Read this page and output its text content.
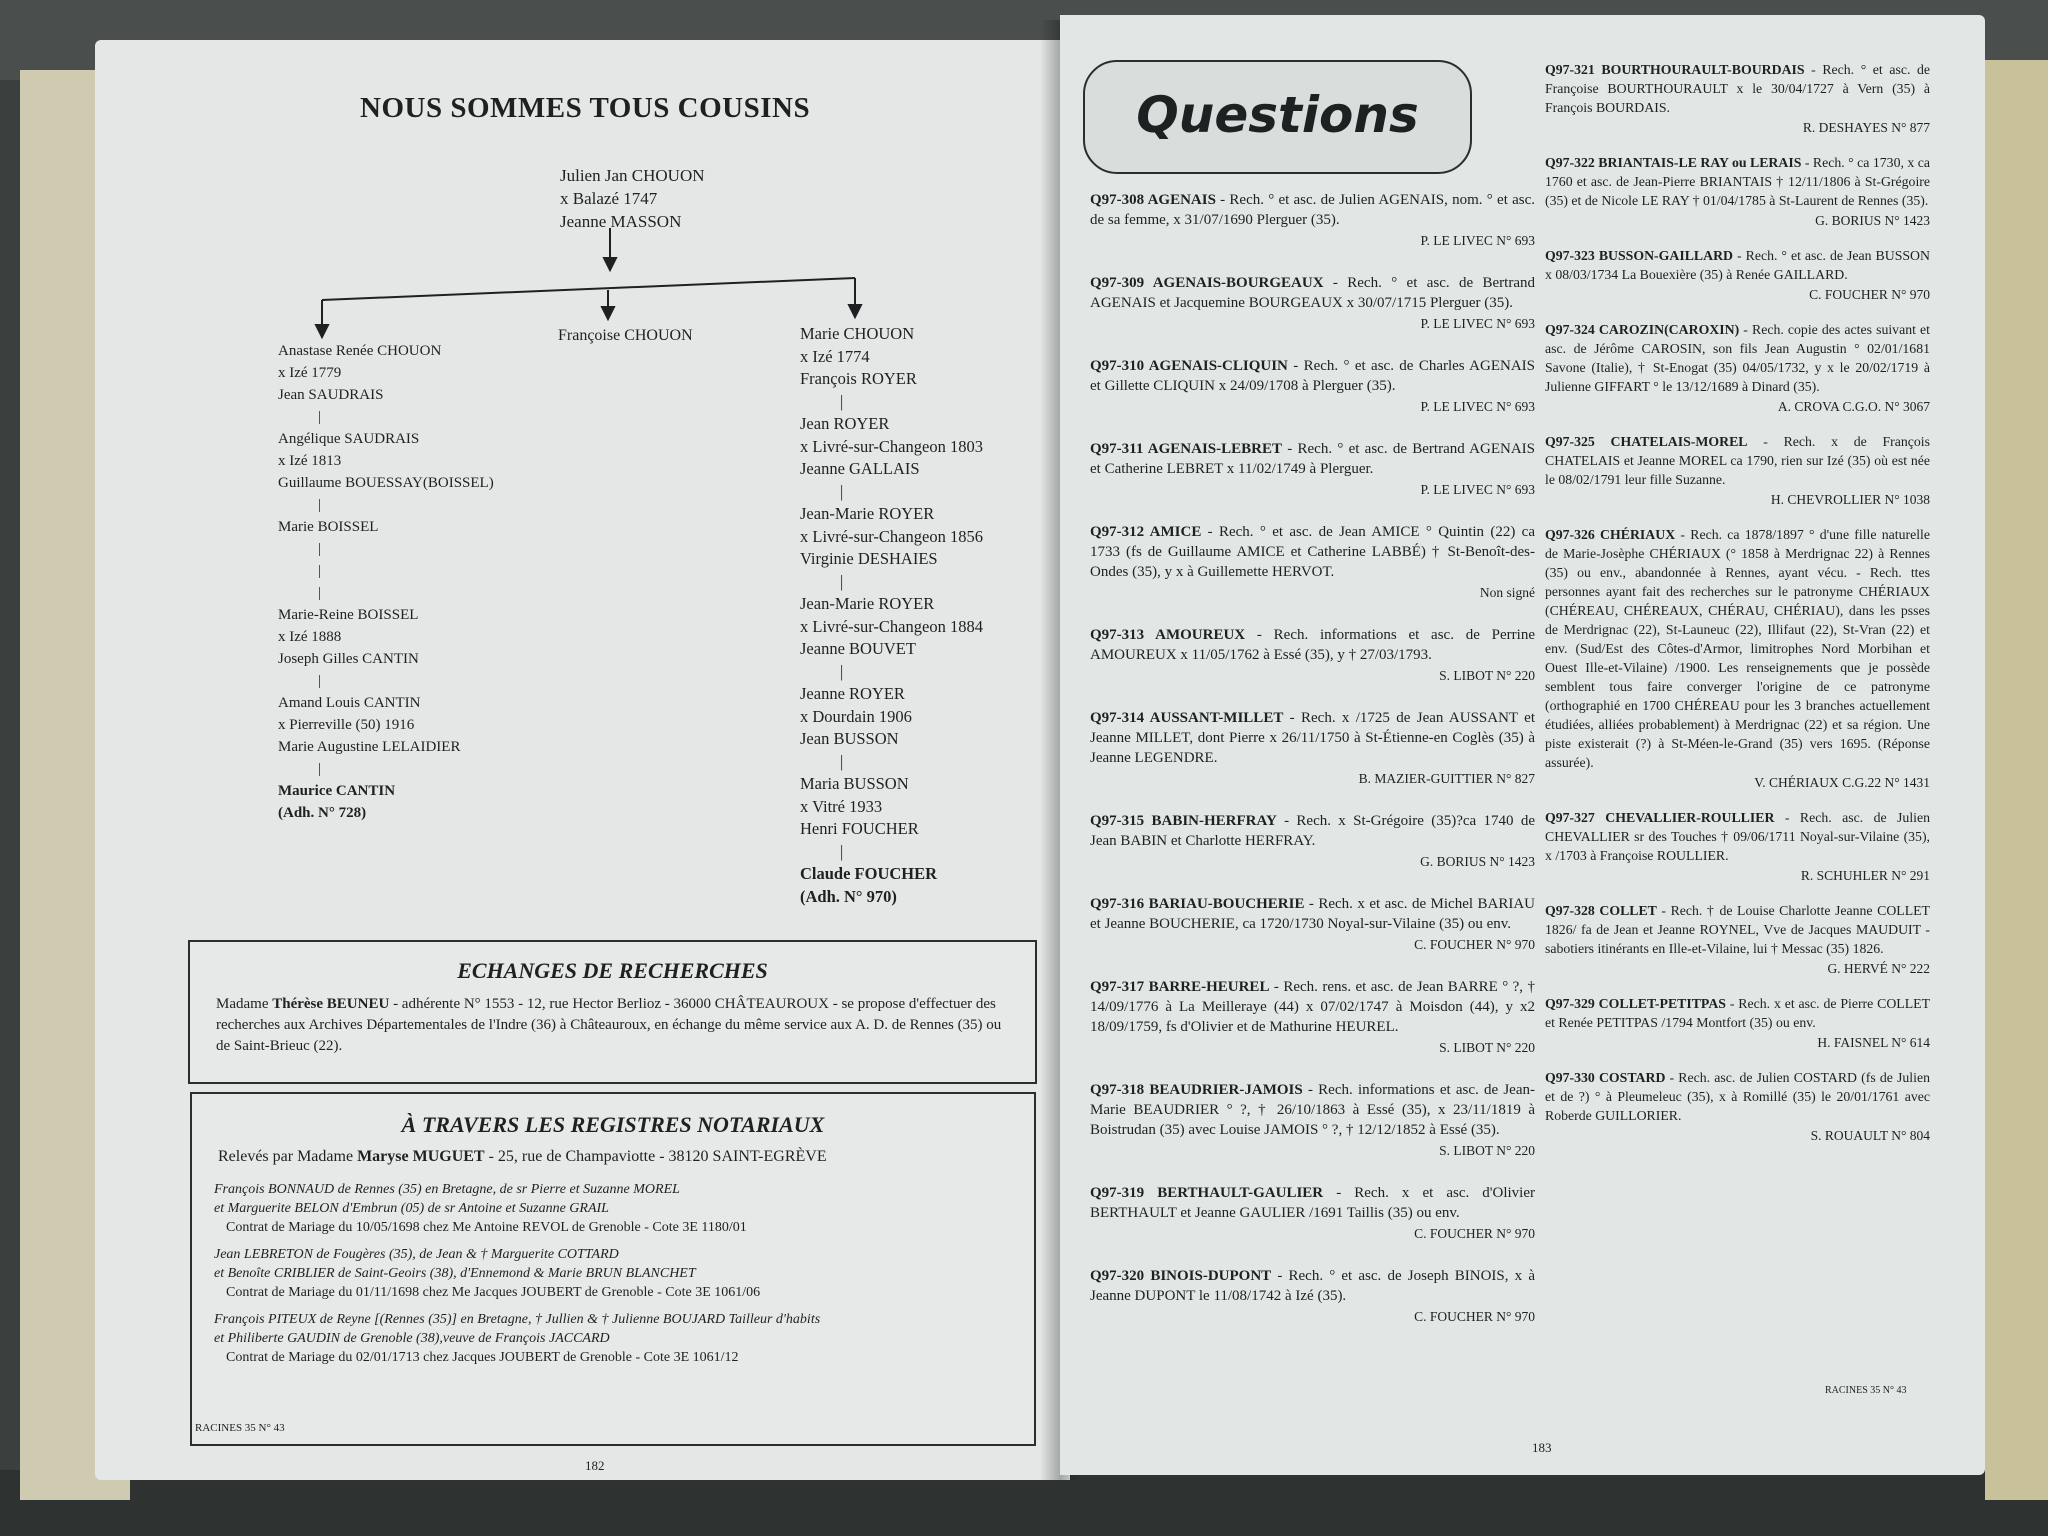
NOUS SOMMES TOUS COUSINS
Julien Jan CHOUON
x Balazé 1747
Jeanne MASSON
Anastase Renée CHOUON
x Izé 1779
Jean SAUDRAIS
|
Angélique SAUDRAIS
x Izé 1813
Guillaume BOUESSAY(BOISSEL)
|
Marie BOISSEL
|
|
|
Marie-Reine BOISSEL
x Izé 1888
Joseph Gilles CANTIN
|
Amand Louis CANTIN
x Pierreville (50) 1916
Marie Augustine LELAIDIER
|
Maurice CANTIN
(Adh. N° 728)
Françoise CHOUON	Marie CHOUON
x Izé 1774
François ROYER
|
Jean ROYER
x Livré-sur-Changeon 1803
Jeanne GALLAIS
|
Jean-Marie ROYER
x Livré-sur-Changeon 1856
Virginie DESHAIES
|
Jean-Marie ROYER
x Livré-sur-Changeon 1884
Jeanne BOUVET
|
Jeanne ROYER
x Dourdain 1906
Jean BUSSON
|
Maria BUSSON
x Vitré 1933
Henri FOUCHER
|
Claude FOUCHER
(Adh. N° 970)
ECHANGES DE RECHERCHES
Madame Thérèse BEUNEU - adhérente N° 1553 - 12, rue Hector Berlioz - 36000 CHÂTEAUROUX - se propose d'effectuer des recherches aux Archives Départementales de l'Indre (36) à Châteauroux, en échange du même service aux A. D. de Rennes (35) ou de Saint-Brieuc (22).
À TRAVERS LES REGISTRES NOTARIAUX
Relevés par Madame Maryse MUGUET - 25, rue de Champaviotte - 38120 SAINT-EGRÈVE
François BONNAUD de Rennes (35) en Bretagne, de sr Pierre et Suzanne MOREL
et Marguerite BELON d'Embrun (05) de sr Antoine et Suzanne GRAIL
Contrat de Mariage du 10/05/1698 chez Me Antoine REVOL de Grenoble - Cote 3E 1180/01
Jean LEBRETON de Fougères (35), de Jean & † Marguerite COTTARD
et Benoîte CRIBLIER de Saint-Geoirs (38), d'Ennemond & Marie BRUN BLANCHET
Contrat de Mariage du 01/11/1698 chez Me Jacques JOUBERT de Grenoble - Cote 3E 1061/06
François PITEUX de Reyne [(Rennes (35)] en Bretagne, † Jullien & † Julienne BOUJARD Tailleur d'habits
et Philiberte GAUDIN de Grenoble (38),veuve de François JACCARD
Contrat de Mariage du 02/01/1713 chez Jacques JOUBERT de Grenoble - Cote 3E 1061/12
RACINES 35 N° 43
182
Questions
Q97-308 AGENAIS - Rech. ° et asc. de Julien AGENAIS, nom. ° et asc. de sa femme, x 31/07/1690 Plerguer (35).
P. LE LIVEC N° 693
Q97-309 AGENAIS-BOURGEAUX - Rech. ° et asc. de Bertrand AGENAIS et Jacquemine BOURGEAUX x 30/07/1715 Plerguer (35).
P. LE LIVEC N° 693
Q97-310 AGENAIS-CLIQUIN - Rech. ° et asc. de Charles AGENAIS et Gillette CLIQUIN x 24/09/1708 à Plerguer (35).
P. LE LIVEC N° 693
Q97-311 AGENAIS-LEBRET - Rech. ° et asc. de Bertrand AGENAIS et Catherine LEBRET x 11/02/1749 à Plerguer.
P. LE LIVEC N° 693
Q97-312 AMICE - Rech. ° et asc. de Jean AMICE ° Quintin (22) ca 1733 (fs de Guillaume AMICE et Catherine LABBÉ) † St-Benoît-des-Ondes (35), y x à Guillemette HERVOT.
Non signé
Q97-313 AMOUREUX - Rech. informations et asc. de Perrine AMOUREUX x 11/05/1762 à Essé (35), y † 27/03/1793.
S. LIBOT N° 220
Q97-314 AUSSANT-MILLET - Rech. x /1725 de Jean AUSSANT et Jeanne MILLET, dont Pierre x 26/11/1750 à St-Étienne-en Coglès (35) à Jeanne LEGENDRE.
B. MAZIER-GUITTIER N° 827
Q97-315 BABIN-HERFRAY - Rech. x St-Grégoire (35)?ca 1740 de Jean BABIN et Charlotte HERFRAY.
G. BORIUS N° 1423
Q97-316 BARIAU-BOUCHERIE - Rech. x et asc. de Michel BARIAU et Jeanne BOUCHERIE, ca 1720/1730 Noyal-sur-Vilaine (35) ou env.
C. FOUCHER N° 970
Q97-317 BARRE-HEUREL - Rech. rens. et asc. de Jean BARRE ° ?, † 14/09/1776 à La Meilleraye (44) x 07/02/1747 à Moisdon (44), y x2 18/09/1759, fs d'Olivier et de Mathurine HEUREL.
S. LIBOT N° 220
Q97-318 BEAUDRIER-JAMOIS - Rech. informations et asc. de Jean-Marie BEAUDRIER ° ?, † 26/10/1863 à Essé (35), x 23/11/1819 à Boistrudan (35) avec Louise JAMOIS ° ?, † 12/12/1852 à Essé (35).
S. LIBOT N° 220
Q97-319 BERTHAULT-GAULIER - Rech. x et asc. d'Olivier BERTHAULT et Jeanne GAULIER /1691 Taillis (35) ou env.
C. FOUCHER N° 970
Q97-320 BINOIS-DUPONT - Rech. ° et asc. de Joseph BINOIS, x à Jeanne DUPONT le 11/08/1742 à Izé (35).
C. FOUCHER N° 970
Q97-321 BOURTHOURAULT-BOURDAIS - Rech. ° et asc. de Françoise BOURTHOURAULT x le 30/04/1727 à Vern (35) à François BOURDAIS.
R. DESHAYES N° 877
Q97-322 BRIANTAIS-LE RAY ou LERAIS - Rech. ° ca 1730, x ca 1760 et asc. de Jean-Pierre BRIANTAIS † 12/11/1806 à St-Grégoire (35) et de Nicole LE RAY † 01/04/1785 à St-Laurent de Rennes (35).
G. BORIUS N° 1423
Q97-323 BUSSON-GAILLARD - Rech. ° et asc. de Jean BUSSON x 08/03/1734 La Bouexière (35) à Renée GAILLARD.
C. FOUCHER N° 970
Q97-324 CAROZIN(CAROXIN) - Rech. copie des actes suivant et asc. de Jérôme CAROSIN, son fils Jean Augustin ° 02/01/1681 Savone (Italie), † St-Enogat (35) 04/05/1732, y x le 20/02/1719 à Julienne GIFFART ° le 13/12/1689 à Dinard (35).
A. CROVA C.G.O. N° 3067
Q97-325 CHATELAIS-MOREL - Rech. x de François CHATELAIS et Jeanne MOREL ca 1790, rien sur Izé (35) où est née le 08/02/1791 leur fille Suzanne.
H. CHEVROLLIER N° 1038
Q97-326 CHÉRIAUX - Rech. ca 1878/1897 ° d'une fille naturelle de Marie-Josèphe CHÉRIAUX (° 1858 à Merdrignac 22) à Rennes (35) ou env., abandonnée à Rennes, ayant vécu. - Rech. ttes personnes ayant fait des recherches sur le patronyme CHÉRIAUX (CHÉREAU, CHÉREAUX, CHÉRAU, CHÉRIAU), dans les psses de Merdrignac (22), St-Launeuc (22), Illifaut (22), St-Vran (22) et env. (Sud/Est des Côtes-d'Armor, limitrophes Nord Morbihan et Ouest Ille-et-Vilaine) /1900. Les renseignements que je possède semblent tous faire converger l'origine de ce patronyme (orthographié en 1700 CHÉREAU pour les 3 branches actuellement étudiées, alliées probablement) à Merdrignac (22) et sa région. Une piste existerait (?) à St-Méen-le-Grand (35) vers 1695. (Réponse assurée).
V. CHÉRIAUX C.G.22 N° 1431
Q97-327 CHEVALLIER-ROULLIER - Rech. asc. de Julien CHEVALLIER sr des Touches † 09/06/1711 Noyal-sur-Vilaine (35), x /1703 à Françoise ROULLIER.
R. SCHUHLER N° 291
Q97-328 COLLET - Rech. † de Louise Charlotte Jeanne COLLET 1826/ fa de Jean et Jeanne ROYNEL, Vve de Jacques MAUDUIT - sabotiers itinérants en Ille-et-Vilaine, lui † Messac (35) 1826.
G. HERVÉ N° 222
Q97-329 COLLET-PETITPAS - Rech. x et asc. de Pierre COLLET et Renée PETITPAS /1794 Montfort (35) ou env.
H. FAISNEL N° 614
Q97-330 COSTARD - Rech. asc. de Julien COSTARD (fs de Julien et de ?) ° à Pleumeleuc (35), x à Romillé (35) le 20/01/1761 avec Roberde GUILLORIER.
S. ROUAULT N° 804
RACINES 35 N° 43
183
